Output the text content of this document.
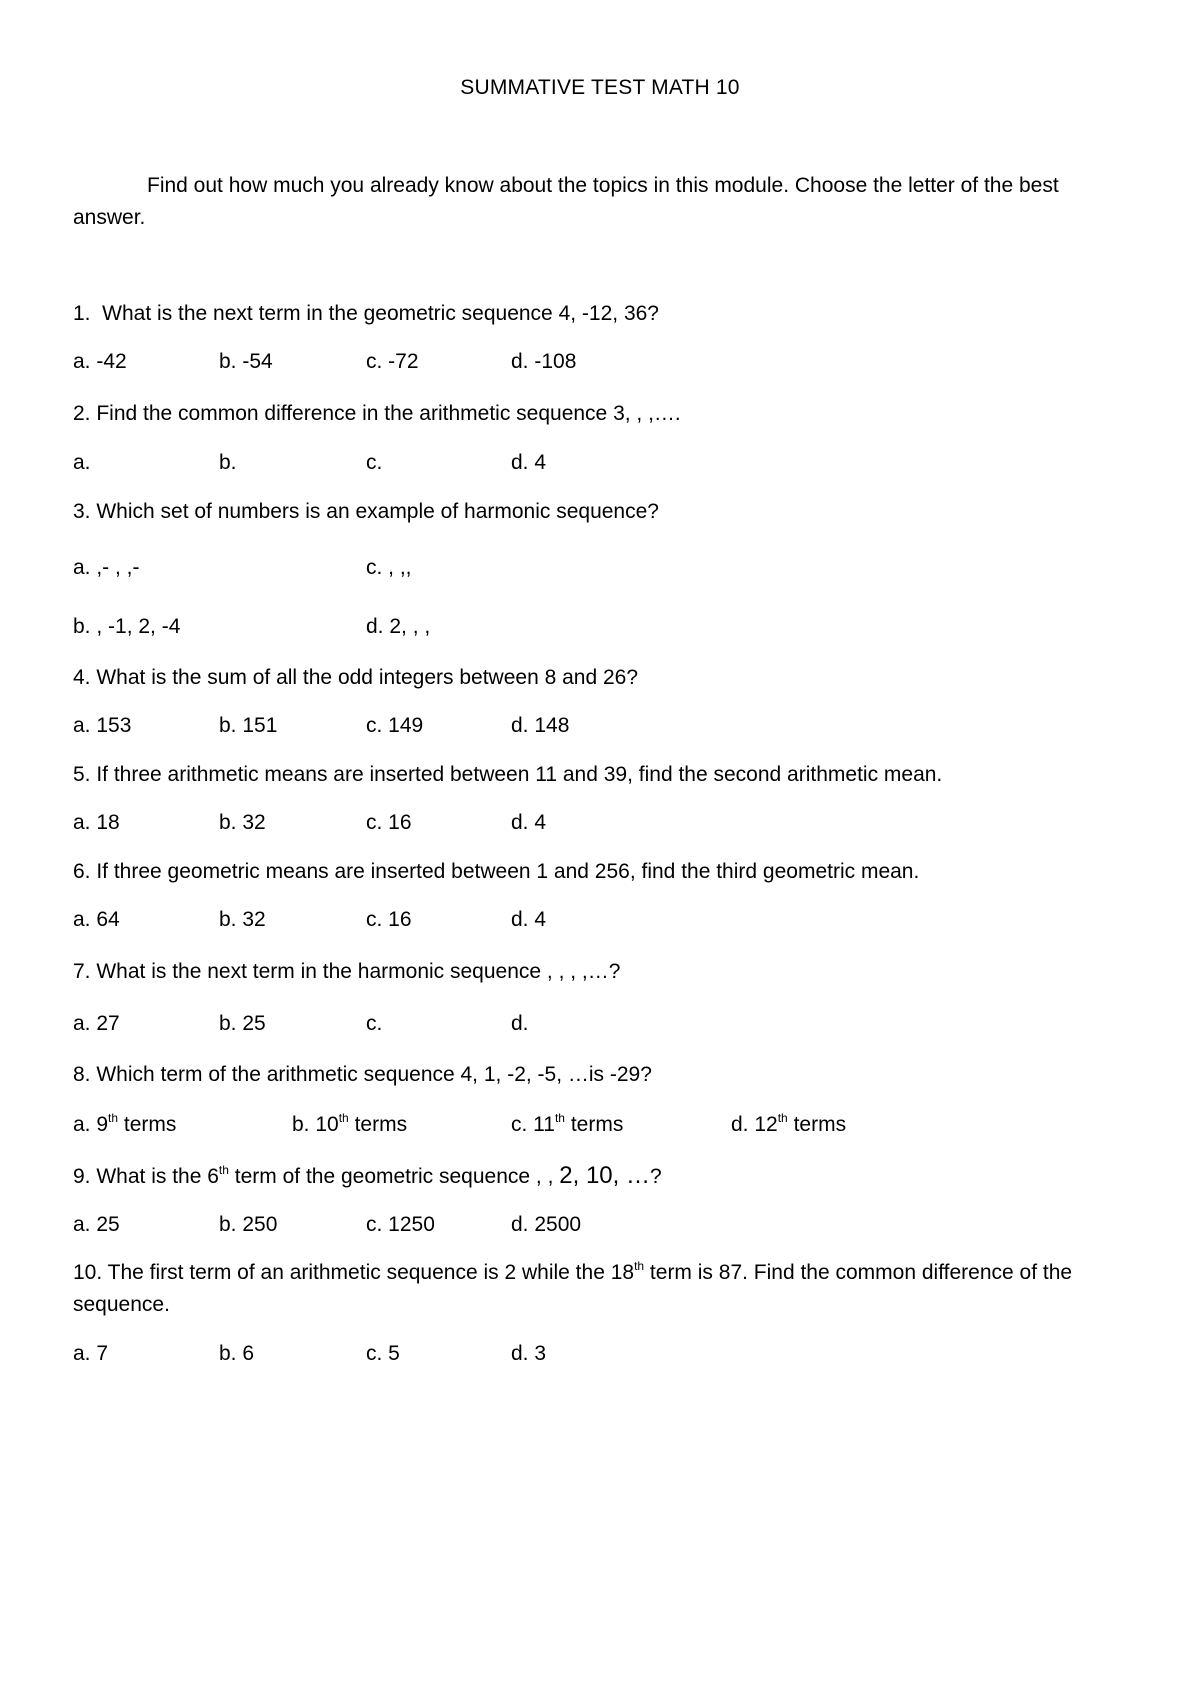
SUMMATIVE TEST MATH 10
Find out how much you already know about the topics in this module. Choose the letter of the best answer.
1.  What is the next term in the geometric sequence 4, -12, 36?
a. -42	b. -54	c. -72	d. -108
2. Find the common difference in the arithmetic sequence 3, , ,….
a.	b.	c.	d. 4
3. Which set of numbers is an example of harmonic sequence?
a. ,- , ,-	c. , ,,
b. , -1, 2, -4	d. 2, , ,
4. What is the sum of all the odd integers between 8 and 26?
a. 153	b. 151	c. 149	d. 148
5. If three arithmetic means are inserted between 11 and 39, find the second arithmetic mean.
a. 18	b. 32	c. 16	d. 4
6. If three geometric means are inserted between 1 and 256, find the third geometric mean.
a. 64	b. 32	c. 16	d. 4
7. What is the next term in the harmonic sequence , , , ,…?
a. 27	b. 25	c.	d.
8. Which term of the arithmetic sequence 4, 1, -2, -5, …is -29?
a. 9th terms	b. 10th terms	c. 11th terms	d. 12th terms
9. What is the 6th term of the geometric sequence , , 2, 10, …?
a. 25	b. 250	c. 1250	d. 2500
10. The first term of an arithmetic sequence is 2 while the 18th term is 87. Find the common difference of the sequence.
a. 7	b. 6	c. 5	d. 3
